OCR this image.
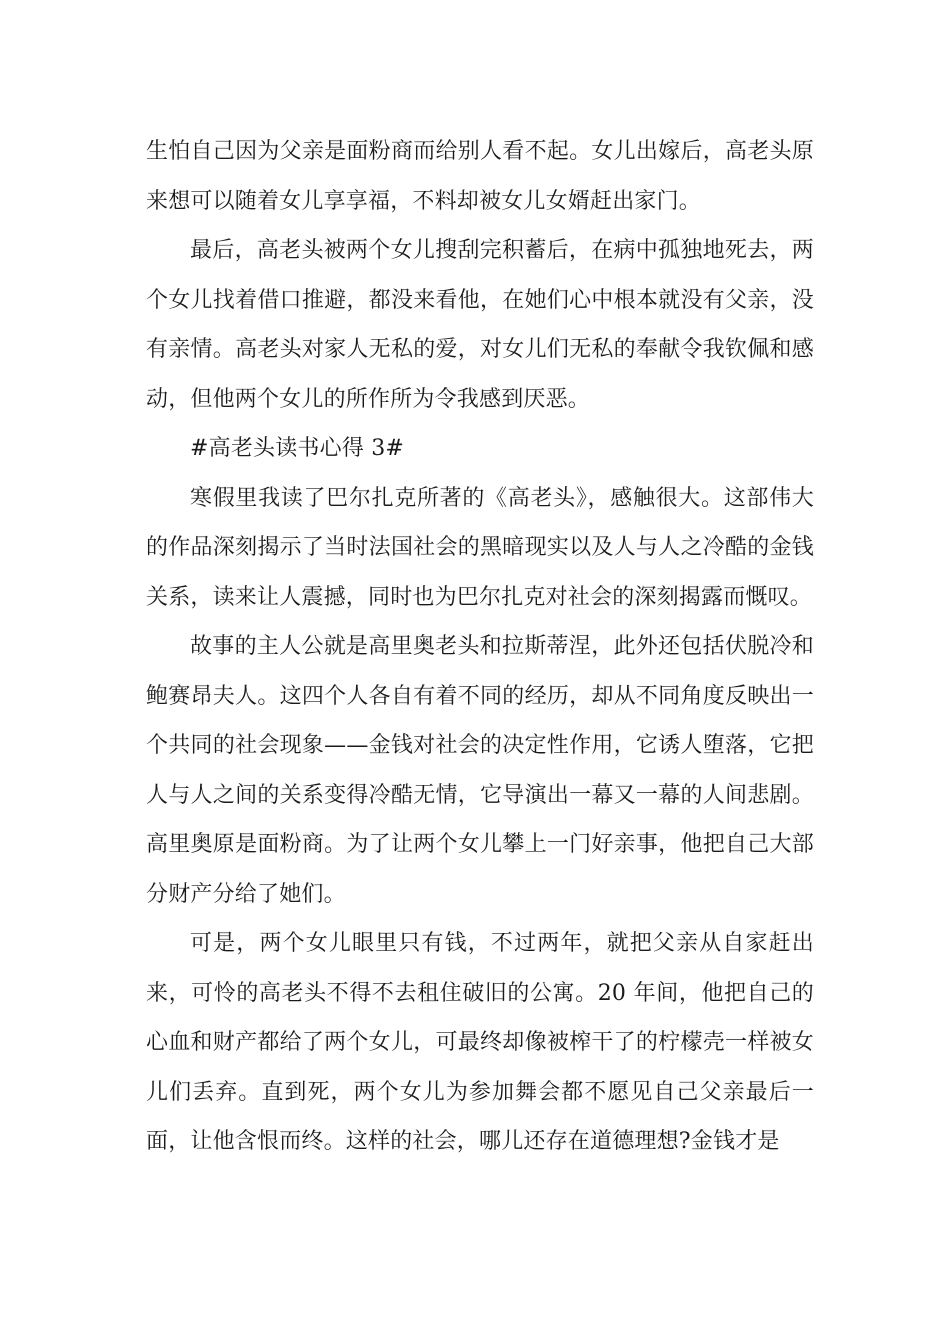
生怕自己因为父亲是面粉商而给别人看不起。女儿出嫁后，高老头原来想可以随着女儿享享福，不料却被女儿女婿赶出家门。

最后，高老头被两个女儿搜刮完积蓄后，在病中孤独地死去，两个女儿找着借口推避，都没来看他，在她们心中根本就没有父亲，没有亲情。高老头对家人无私的爱，对女儿们无私的奉献令我钦佩和感动，但他两个女儿的所作所为令我感到厌恶。

#高老头读书心得 3#

寒假里我读了巴尔扎克所著的《高老头》，感触很大。这部伟大的作品深刻揭示了当时法国社会的黑暗现实以及人与人之冷酷的金钱关系，读来让人震撼，同时也为巴尔扎克对社会的深刻揭露而慨叹。

故事的主人公就是高里奥老头和拉斯蒂涅，此外还包括伏脱冷和鲍赛昂夫人。这四个人各自有着不同的经历，却从不同角度反映出一个共同的社会现象——金钱对社会的决定性作用，它诱人堕落，它把人与人之间的关系变得冷酷无情，它导演出一幕又一幕的人间悲剧。高里奥原是面粉商。为了让两个女儿攀上一门好亲事，他把自己大部分财产分给了她们。

可是，两个女儿眼里只有钱，不过两年，就把父亲从自家赶出来，可怜的高老头不得不去租住破旧的公寓。20 年间，他把自己的心血和财产都给了两个女儿，可最终却像被榨干了的柠檬壳一样被女儿们丢弃。直到死，两个女儿为参加舞会都不愿见自己父亲最后一面，让他含恨而终。这样的社会，哪儿还存在道德理想?金钱才是
